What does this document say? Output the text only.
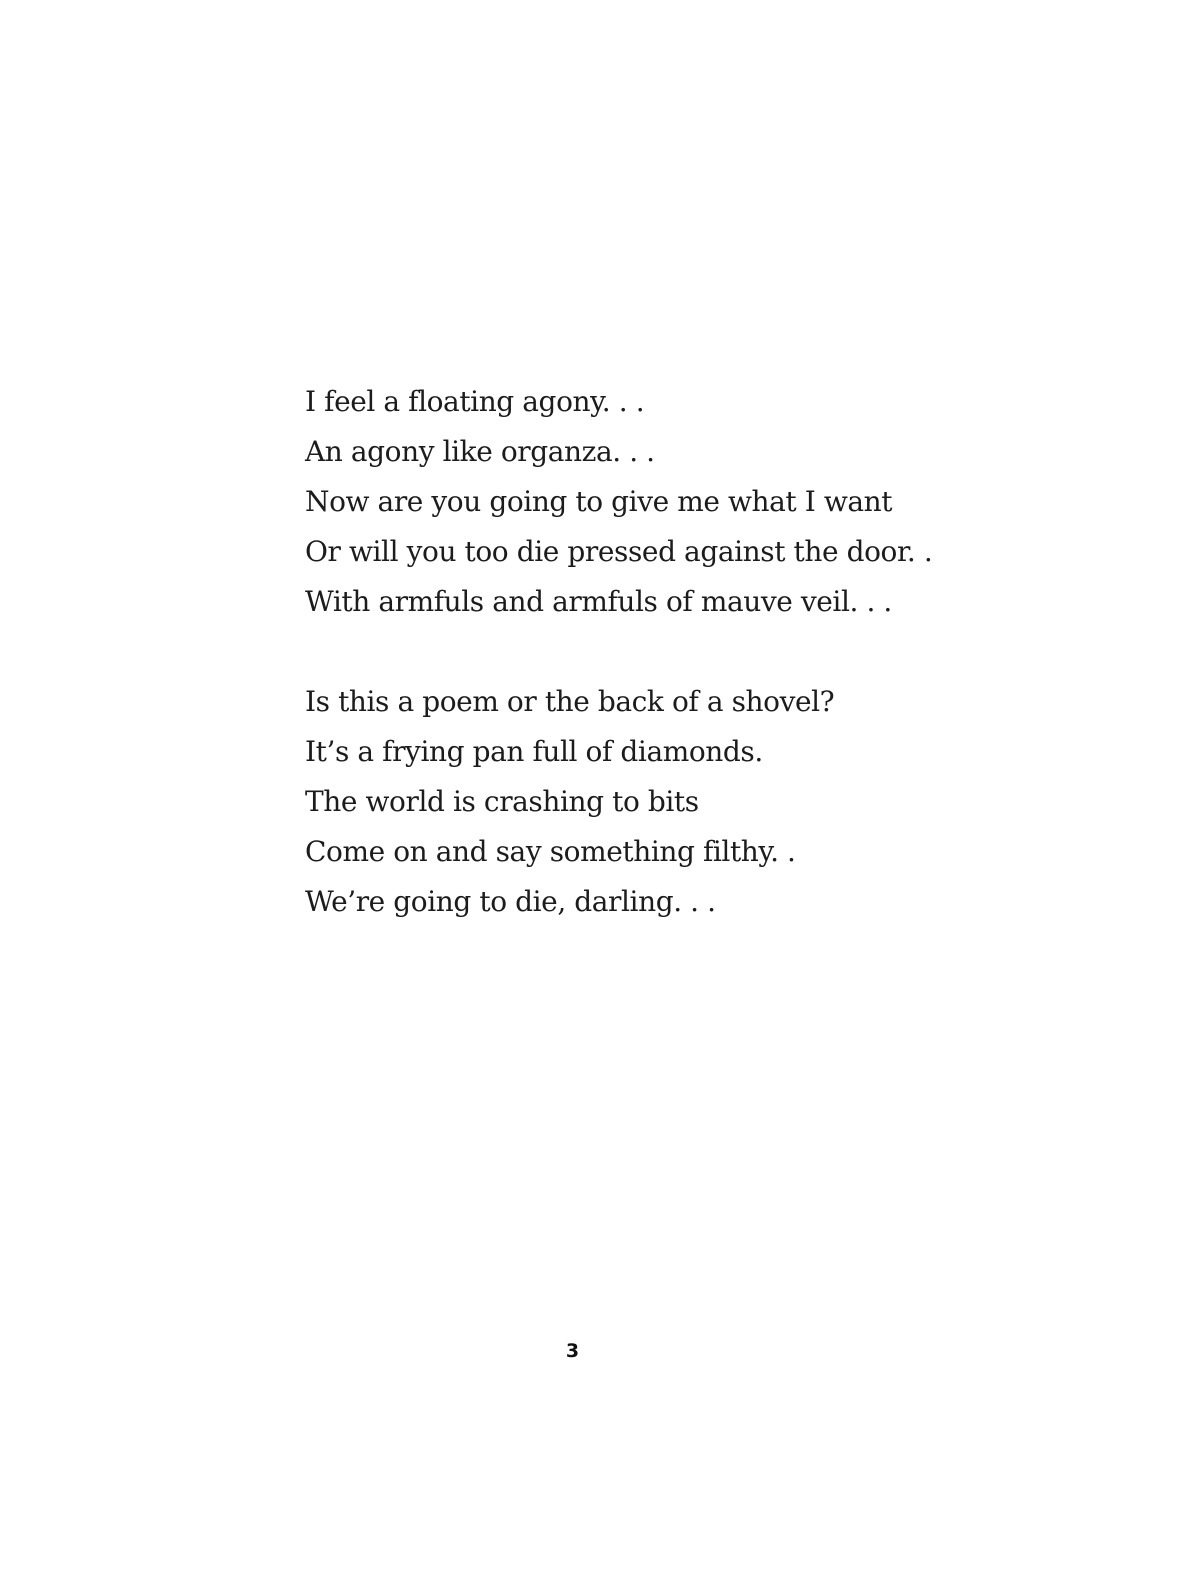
I feel a floating agony. . .

An agony like organza. . .

Now are you going to give me what I want

Or will you too die pressed against the door. .

With armfuls and armfuls of mauve veil. . .

Is this a poem or the back of a shovel?

It’s a frying pan full of diamonds.

The world is crashing to bits

Come on and say something filthy. .

We’re going to die, darling. . .

3
